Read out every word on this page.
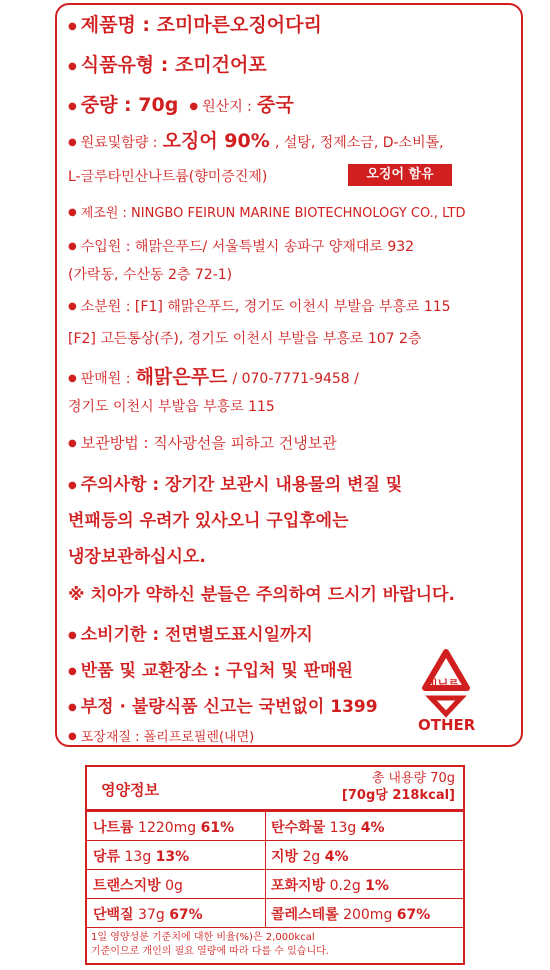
● 제품명 : 조미마른오징어다리
● 식품유형 : 조미건어포
● 중량 : 70g ● 원산지 : 중국
● 원료및함량 : 오징어 90% , 설탕, 정제소금, D-소비톨,
L-글루타민산나트륨(향미증진제)	오징어 함유
● 제조원 : NINGBO FEIRUN MARINE BIOTECHNOLOGY CO., LTD
● 수입원 : 해맑은푸드/ 서울특별시 송파구 양재대로 932
(가락동, 수산동 2층 72-1)
● 소분원 : [F1] 해맑은푸드, 경기도 이천시 부발읍 부흥로 115
[F2] 고든통상(주), 경기도 이천시 부발읍 부흥로 107 2층
● 판매원 : 해맑은푸드 / 070-7771-9458 /
경기도 이천시 부발읍 부흥로 115
● 보관방법 : 직사광선을 피하고 건냉보관
● 주의사항 : 장기간 보관시 내용물의 변질 및
변패등의 우려가 있사오니 구입후에는
냉장보관하십시오.
※ 치아가 약하신 분들은 주의하여 드시기 바랍니다.
● 소비기한 : 전면별도표시일까지
● 반품 및 교환장소 : 구입처 및 판매원
● 부정 · 불량식품 신고는 국번없이 1399
● 포장재질 : 폴리프로필렌(내면)
비닐류
OTHER
영양정보
총 내용량 70g
[70g당 218kcal]
나트륨 1220mg 61%	탄수화물 13g 4%
당류 13g 13%	지방 2g 4%
트랜스지방 0g	포화지방 0.2g 1%
단백질 37g 67%	콜레스테롤 200mg 67%
1일 영양성분 기준치에 대한 비율(%)은 2,000kcal
기준이므로 개인의 필요 열량에 따라 다를 수 있습니다.
